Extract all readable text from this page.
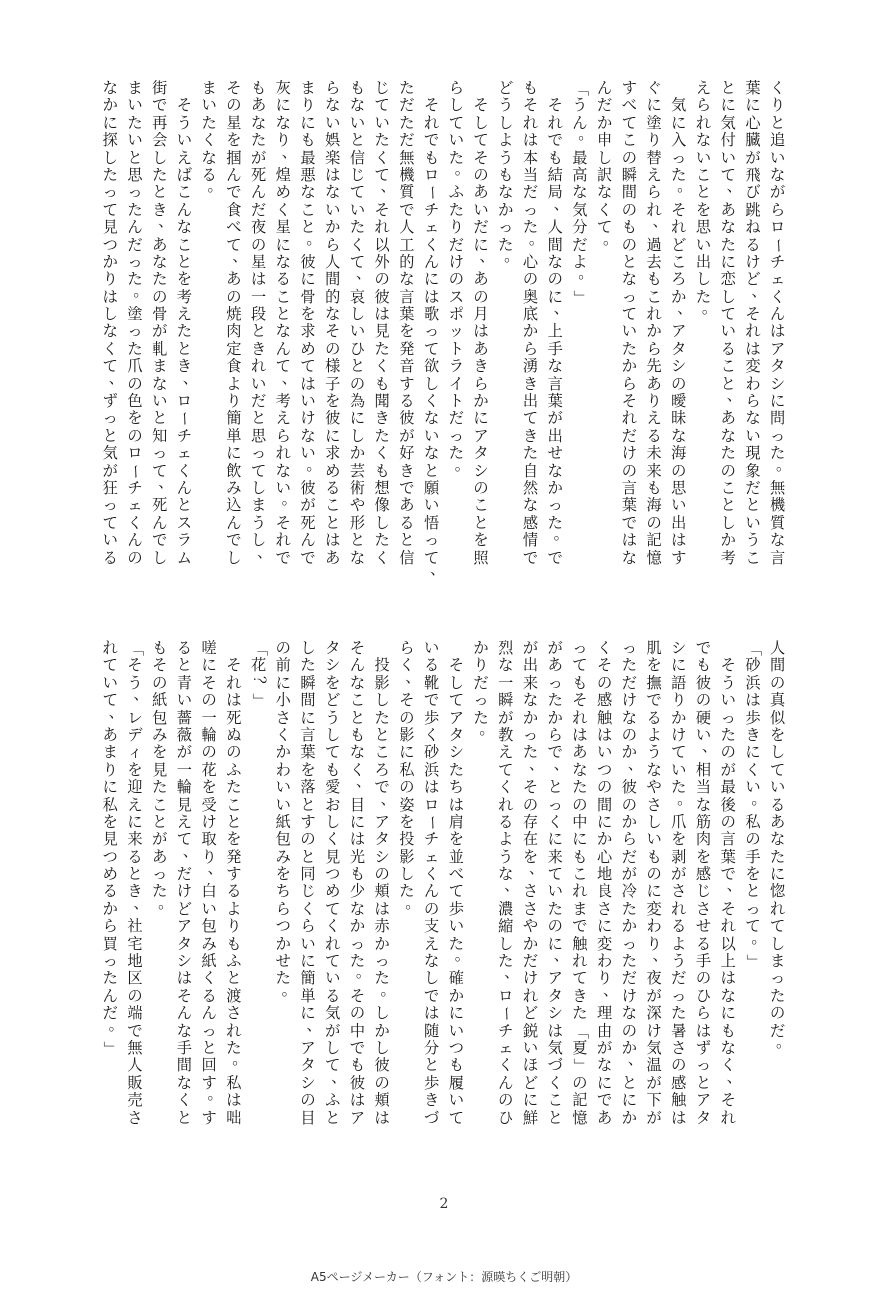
く
り
と
追
い
な
が
ら
ロ
ー
チ
ェ
く
ん
は
ア
タ
シ
に
問
っ
た
。
無
機
質
な
言
葉
に
心
臓
が
飛
び
跳
ね
る
け
ど
、
そ
れ
は
変
わ
ら
な
い
現
象
だ
と
い
う
こ
と
に
気
付
い
て
、
あ
な
た
に
恋
し
て
い
る
こ
と
、
あ
な
た
の
こ
と
し
か
考
え
ら
れ
な
い
こ
と
を
思
い
出
し
た
。

気
に
入
っ
た
。
そ
れ
ど
こ
ろ
か
、
ア
タ
シ
の
曖
昧
な
海
の
思
い
出
は
す
ぐ
に
塗
り
替
え
ら
れ
、
過
去
も
こ
れ
か
ら
先
あ
り
え
る
未
来
も
海
の
記
憶
す
べ
て
こ
の
瞬
間
の
も
の
と
な
っ
て
い
た
か
ら
そ
れ
だ
け
の
言
葉
で
は
な
ん
だ
か
申
し
訳
な
く
て
。
「
う
ん
。
最
高
な
気
分
だ
よ
。
」

そ
れ
で
も
結
局
、
人
間
な
の
に
、
上
手
な
言
葉
が
出
せ
な
か
っ
た
。
で
も
そ
れ
は
本
当
だ
っ
た
。
心
の
奥
底
か
ら
湧
き
出
て
き
た
自
然
な
感
情
で
ど
う
し
よ
う
も
な
か
っ
た
。

そ
し
て
そ
の
あ
い
だ
に
、
あ
の
月
は
あ
き
ら
か
に
ア
タ
シ
の
こ
と
を
照
ら
し
て
い
た
。
ふ
た
り
だ
け
の
ス
ポ
ッ
ト
ラ
イ
ト
だ
っ
た
。

そ
れ
で
も
ロ
ー
チ
ェ
く
ん
に
は
歌
っ
て
欲
し
く
な
い
な
と
願
い
悟
っ
て
、
た
だ
た
だ
無
機
質
で
人
工
的
な
言
葉
を
発
音
す
る
彼
が
好
き
で
あ
る
と
信
じ
て
い
た
く
て
、
そ
れ
以
外
の
彼
は
見
た
く
も
聞
き
た
く
も
想
像
し
た
く
も
な
い
と
信
じ
て
い
た
く
て
、
哀
し
い
ひ
と
の
為
に
し
か
芸
術
や
形
と
な
ら
な
い
娯
楽
は
な
い
か
ら
人
間
的
な
そ
の
様
子
を
彼
に
求
め
る
こ
と
は
あ
ま
り
に
も
最
悪
な
こ
と
。
彼
に
骨
を
求
め
て
は
い
け
な
い
。
彼
が
死
ん
で
灰
に
な
り
、
煌
め
く
星
に
な
る
こ
と
な
ん
て
、
考
え
ら
れ
な
い
。
そ
れ
で
も
あ
な
た
が
死
ん
だ
夜
の
星
は
一
段
と
き
れ
い
だ
と
思
っ
て
し
ま
う
し
、
そ
の
星
を
掴
ん
で
食
べ
て
、
あ
の
焼
肉
定
食
よ
り
簡
単
に
飲
み
込
ん
で
し
ま
い
た
く
な
る
。

そ
う
い
え
ば
こ
ん
な
こ
と
を
考
え
た
と
き
、
ロ
ー
チ
ェ
く
ん
と
ス
ラ
ム
街
で
再
会
し
た
と
き
、
あ
な
た
の
骨
が
軋
ま
な
い
と
知
っ
て
、
死
ん
で
し
ま
い
た
い
と
思
っ
た
ん
だ
っ
た
。
塗
っ
た
爪
の
色
を
の
ロ
ー
チ
ェ
く
ん
の
な
か
に
探
し
た
っ
て
見
つ
か
り
は
し
な
く
て
、
ず
っ
と
気
が
狂
っ
て
い
る
人
間
の
真
似
を
し
て
い
る
あ
な
た
に
惚
れ
て
し
ま
っ
た
の
だ
。
「
砂
浜
は
歩
き
に
く
い
。
私
の
手
を
と
っ
て
。
」

そ
う
い
っ
た
の
が
最
後
の
言
葉
で
、
そ
れ
以
上
は
な
に
も
な
く
、
そ
れ
で
も
彼
の
硬
い
、
相
当
な
筋
肉
を
感
じ
さ
せ
る
手
の
ひ
ら
は
ず
っ
と
ア
タ
シ
に
語
り
か
け
て
い
た
。
爪
を
剥
が
さ
れ
る
よ
う
だ
っ
た
暑
さ
の
感
触
は
肌
を
撫
で
る
よ
う
な
や
さ
し
い
も
の
に
変
わ
り
、
夜
が
深
け
気
温
が
下
が
っ
た
だ
け
な
の
か
、
彼
の
か
ら
だ
が
冷
た
か
っ
た
だ
け
な
の
か
、
と
に
か
く
そ
の
感
触
は
い
つ
の
間
に
か
心
地
良
さ
に
変
わ
り
、
理
由
が
な
に
で
あ
っ
て
も
そ
れ
は
あ
な
た
の
中
に
も
こ
れ
ま
で
触
れ
て
き
た
「
夏
」
の
記
憶
が
あ
っ
た
か
ら
で
、
と
っ
く
に
来
て
い
た
の
に
、
ア
タ
シ
は
気
づ
く
こ
と
が
出
来
な
か
っ
た
、
そ
の
存
在
を
、
さ
さ
や
か
だ
け
れ
ど
鋭
い
ほ
ど
に
鮮
烈
な
一
瞬
が
教
え
て
く
れ
る
よ
う
な
、
濃
縮
し
た
、
ロ
ー
チ
ェ
く
ん
の
ひ
か
り
だ
っ
た
。

そ
し
て
ア
タ
シ
た
ち
は
肩
を
並
べ
て
歩
い
た
。
確
か
に
い
つ
も
履
い
て
い
る
靴
で
歩
く
砂
浜
は
ロ
ー
チ
ェ
く
ん
の
支
え
な
し
で
は
随
分
と
歩
き
づ
ら
く
、
そ
の
影
に
私
の
姿
を
投
影
し
た
。

投
影
し
た
と
こ
ろ
で
、
ア
タ
シ
の
頬
は
赤
か
っ
た
。
し
か
し
彼
の
頬
は
そ
ん
な
こ
と
も
な
く
、
目
に
は
光
も
少
な
か
っ
た
。
そ
の
中
で
も
彼
は
ア
タ
シ
を
ど
う
し
て
も
愛
お
し
く
見
つ
め
て
く
れ
て
い
る
気
が
し
て
、
ふ
と
し
た
瞬
間
に
言
葉
を
落
と
す
の
と
同
じ
く
ら
い
に
簡
単
に
、
ア
タ
シ
の
目
の
前
に
小
さ
く
か
わ
い
い
紙
包
み
を
ち
ら
つ
か
せ
た
。
「
花
？
」

そ
れ
は
死
ぬ
の
ふ
た
こ
と
を
発
す
る
よ
り
も
ふ
と
渡
さ
れ
た
。
私
は
咄
嗟
に
そ
の
一
輪
の
花
を
受
け
取
り
、
白
い
包
み
紙
く
る
ん
っ
と
回
す
。
す
る
と
青
い
薔
薇
が
一
輪
見
え
て
、
だ
け
ど
ア
タ
シ
は
そ
ん
な
手
間
な
く
と
も
そ
の
紙
包
み
を
見
た
こ
と
が
あ
っ
た
。
「
そ
う
、
レ
デ
ィ
を
迎
え
に
来
る
と
き
、
社
宅
地
区
の
端
で
無
人
販
売
さ
れ
て
い
て
、
あ
ま
り
に
私
を
見
つ
め
る
か
ら
買
っ
た
ん
だ
。
」
2
A5ページメーカー（フォント：源暎ちくご明朝）
